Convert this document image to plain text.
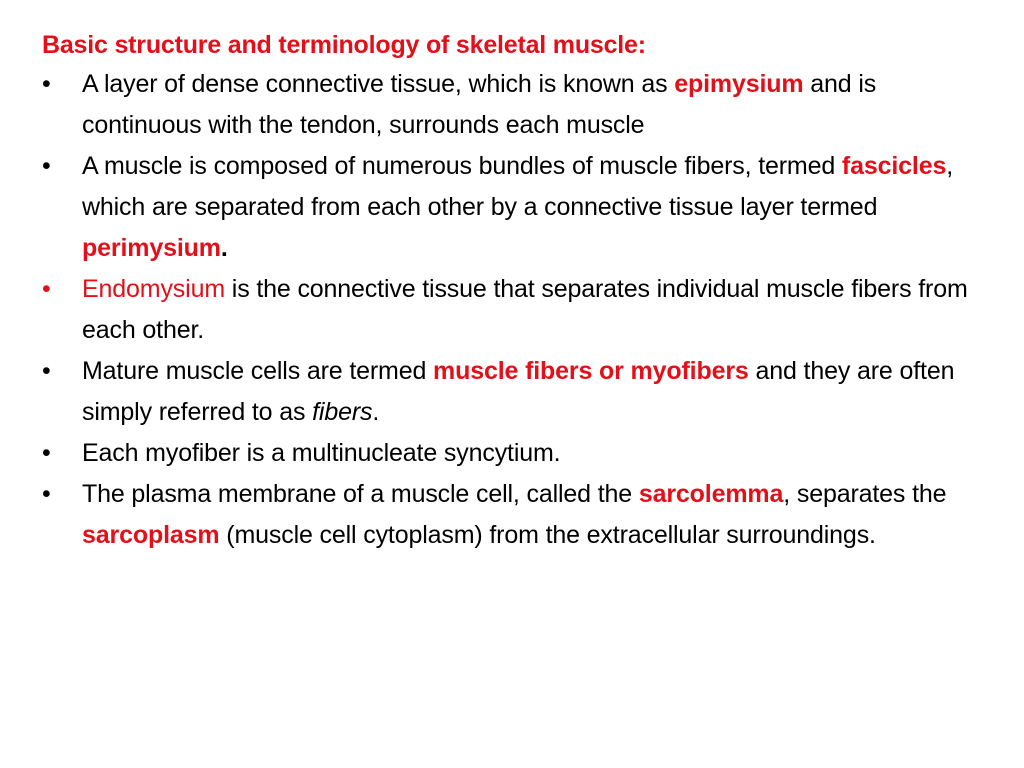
Basic structure and terminology of skeletal muscle:

•	A layer of dense connective tissue, which is known as epimysium and is continuous with the tendon, surrounds each muscle
•	A muscle is composed of numerous bundles of muscle fibers, termed fascicles, which are separated from each other by a connective tissue layer termed perimysium.
•	Endomysium is the connective tissue that separates individual muscle fibers from each other.
•	Mature muscle cells are termed muscle fibers or myofibers and they are often simply referred to as fibers.
•	Each myofiber is a multinucleate syncytium.
•	The plasma membrane of a muscle cell, called the sarcolemma, separates the sarcoplasm (muscle cell cytoplasm) from the extracellular surroundings.
